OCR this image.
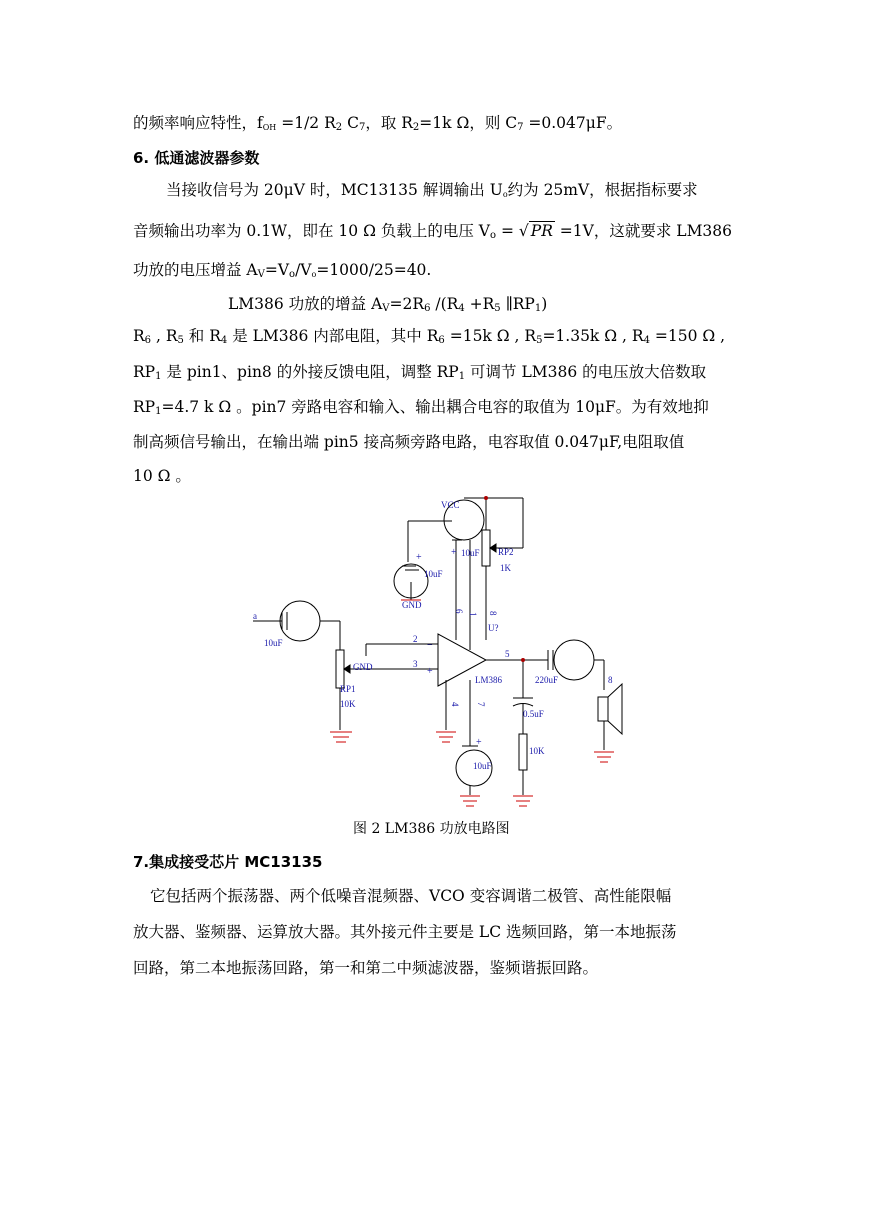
的频率响应特性，fOH =1/2 $R_2$ $C_7$，取 $R_2=1k$ Ω，则 $C_7 =0.047\mu F$。
6. 低通滤波器参数
当接收信号为 20μV 时，MC13135 解调输出 Uo约为 25mV，根据指标要求
音频输出功率为 0.1W，即在 10 Ω 负载上的电压 $V_o$ = √ PR =1V，这就要求 LM386
功放的电压增益 $A_V=V_o/Vo=1000/25=40$.
LM386 功放的增益 $A_V=2R_6$ $/(R_4 +R_5$ $\parallel RP_1$)
$R_6$ , $R_5$ 和 $R_4$ 是 LM386 内部电阻，其中 $R_6 =15k$ Ω , $R_5=1.35k$ Ω , $R_4 =150$ Ω ,
$RP_1$ 是 pin1、pin8 的外接反馈电阻，调整 $RP_1$ 可调节 LM386 的电压放大倍数取
$RP_1=4.7$ k Ω 。pin7 旁路电容和输入、输出耦合电容的取值为 10μF。为有效地抑
制高频信号输出，在输出端 pin5 接高频旁路电路，电容取值 0.047μF,电阻取值
10 Ω 。
VCC
10uF RP2
1K
10uF
GND
a
10uF
6
1 8
U?
2
3
GND
5
LM386	220uF	8
RP1
10K	4 7
0.5uF
10K
10uF
+	+
+
−
+
图 2 LM386 功放电路图
7.集成接受芯片 MC13135
它包括两个振荡器、两个低噪音混频器、VCO 变容调谐二极管、高性能限幅
放大器、鉴频器、运算放大器。其外接元件主要是 LC 选频回路，第一本地振荡
回路，第二本地振荡回路，第一和第二中频滤波器，鉴频谐振回路。
